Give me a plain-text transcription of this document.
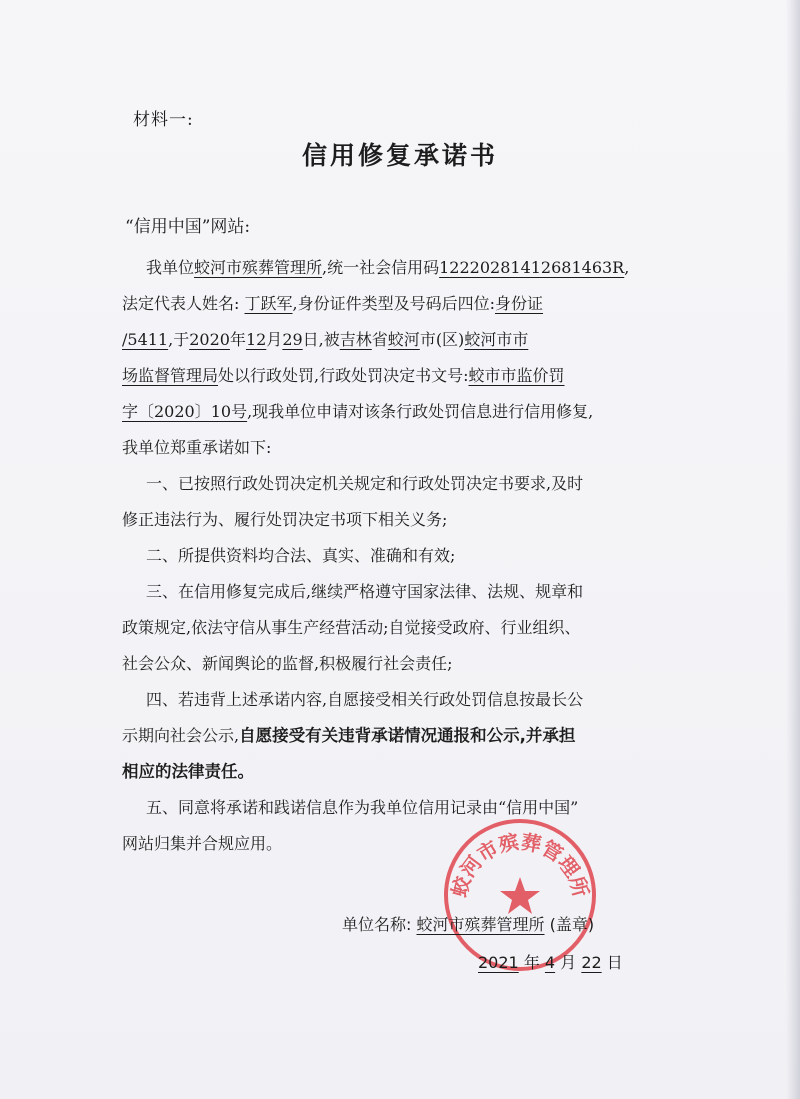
材料一:
信用修复承诺书
“信用中国”网站:
我单位蛟河市殡葬管理所,统一社会信用码12220281412681463R,
法定代表人姓名: 丁跃军,身份证件类型及号码后四位:身份证
/5411,于2020年12月29日,被吉林省蛟河市(区)蛟河市市
场监督管理局处以行政处罚,行政处罚决定书文号:蛟市市监价罚
字〔2020〕10号,现我单位申请对该条行政处罚信息进行信用修复,
我单位郑重承诺如下:
一、已按照行政处罚决定机关规定和行政处罚决定书要求,及时
修正违法行为、履行处罚决定书项下相关义务;
二、所提供资料均合法、真实、准确和有效;
三、在信用修复完成后,继续严格遵守国家法律、法规、规章和
政策规定,依法守信从事生产经营活动;自觉接受政府、行业组织、
社会公众、新闻舆论的监督,积极履行社会责任;
四、若违背上述承诺内容,自愿接受相关行政处罚信息按最长公
示期向社会公示,自愿接受有关违背承诺情况通报和公示,并承担
相应的法律责任。
五、同意将承诺和践诺信息作为我单位信用记录由“信用中国”
网站归集并合规应用。
蛟河市殡葬管理所
单位名称: 蛟河市殡葬管理所 (盖章)
2021 年 4 月 22 日
